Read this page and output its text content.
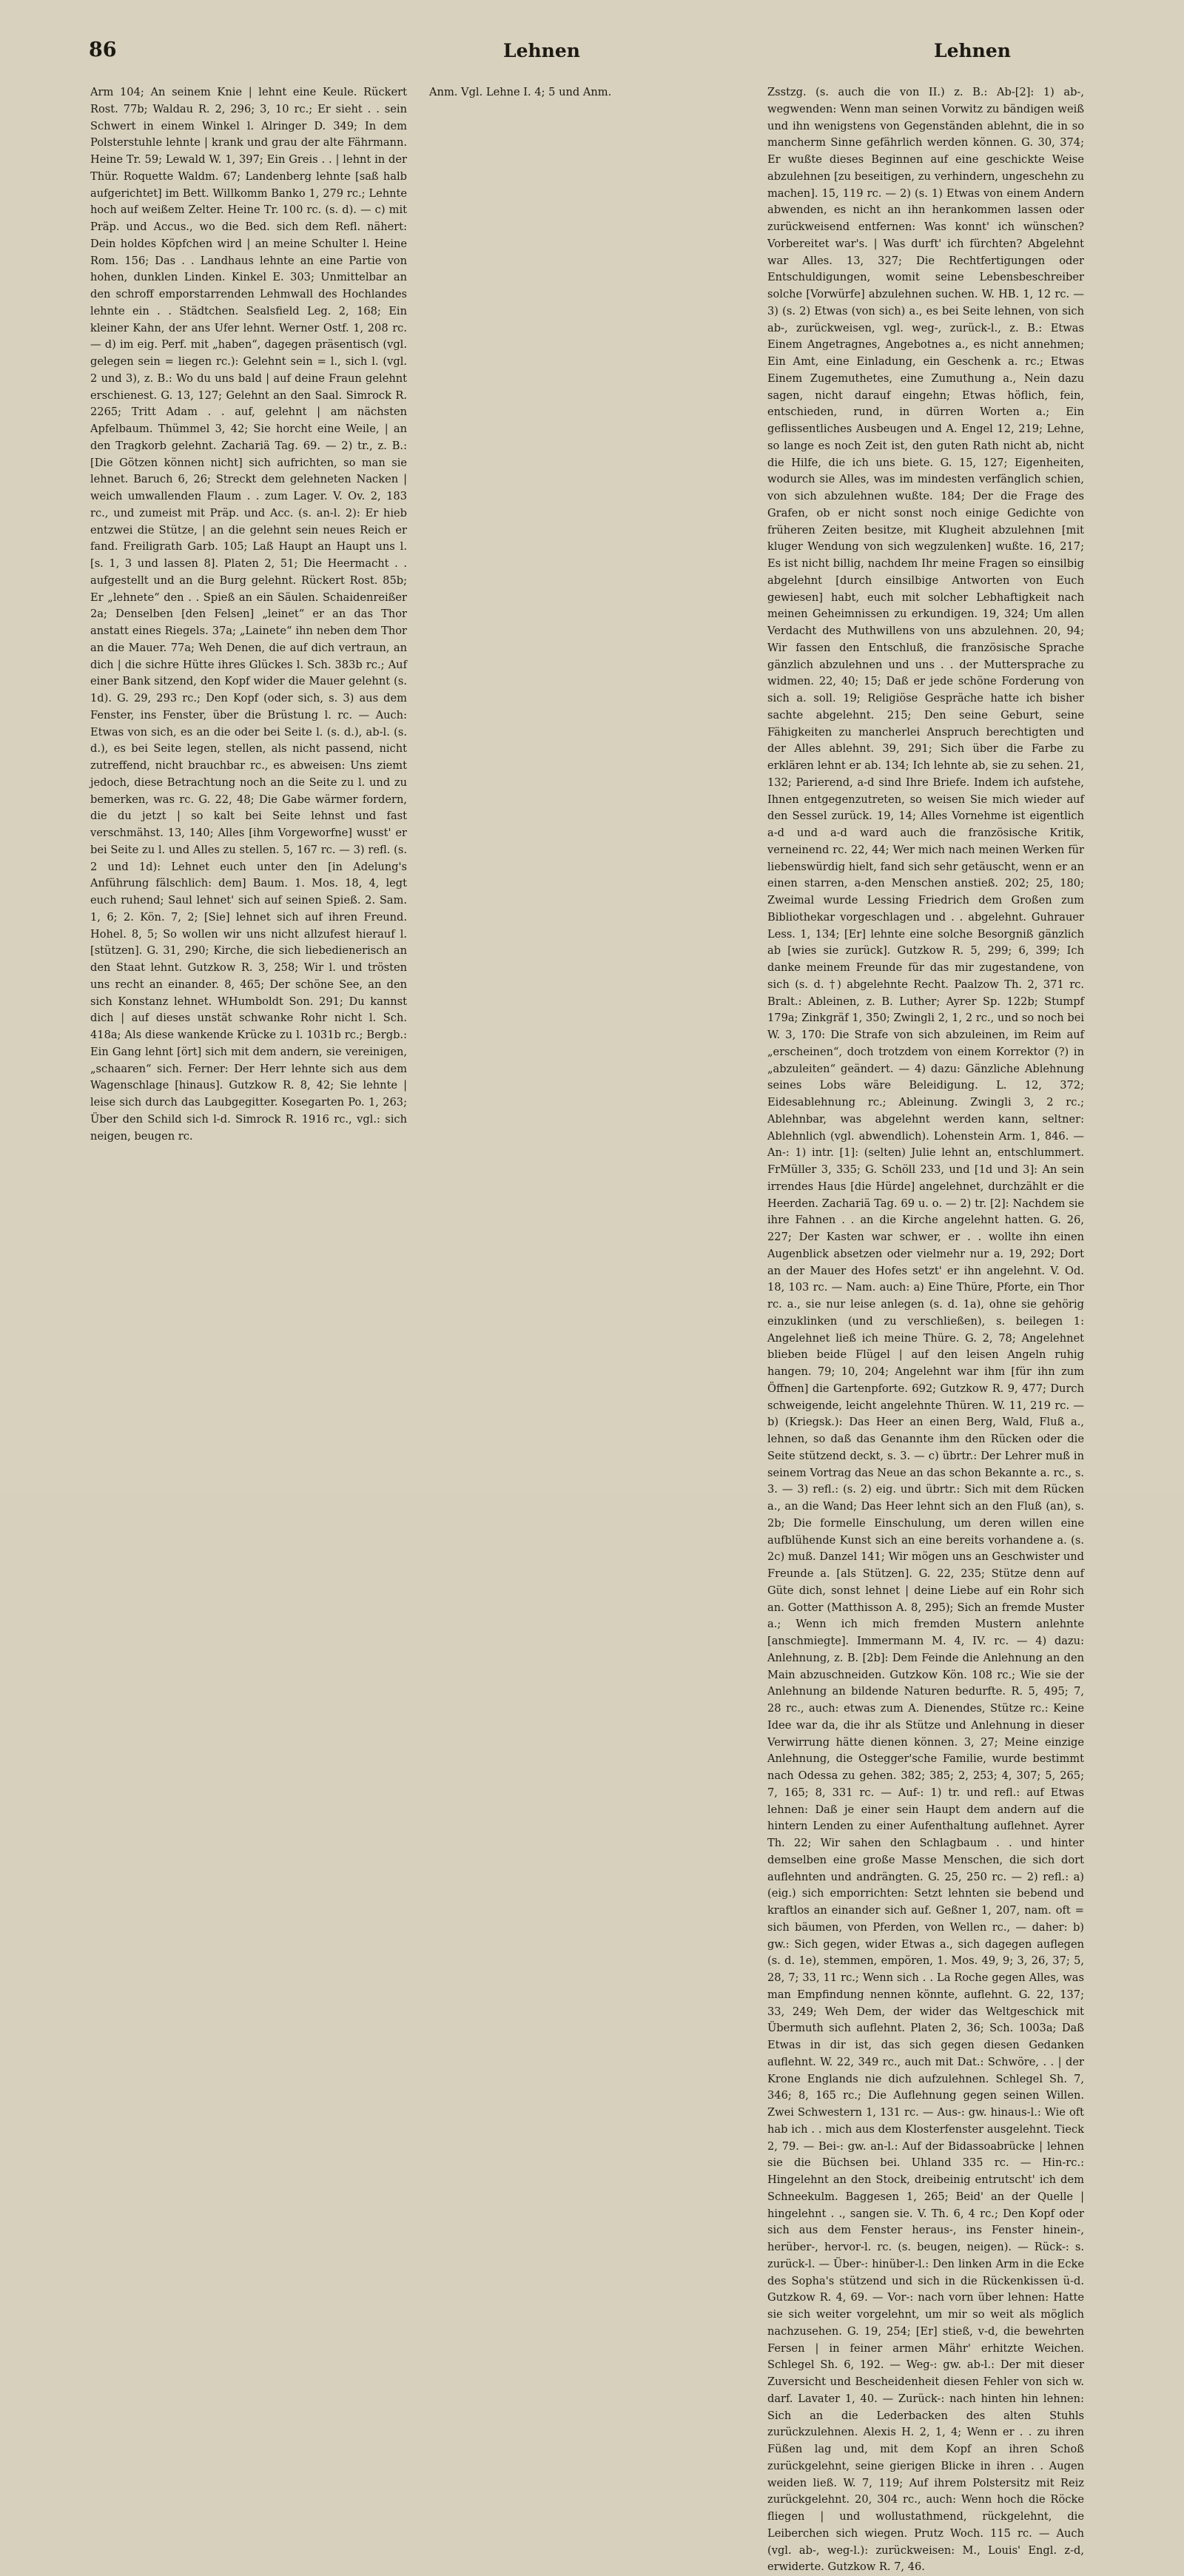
86	Lehnen	Lehnen

Arm 104; An seinem Knie | lehnt eine Keule. Rückert Rost. 77b; Waldau R. 2, 296; 3, 10 rc.; Er sieht . . sein Schwert in einem Winkel l. Alringer D. 349; In dem Polsterstuhle lehnte | krank und grau der alte Fährmann. Heine Tr. 59; Lewald W. 1, 397; Ein Greis . . | lehnt in der Thür. Roquette Waldm. 67; Landenberg lehnte [saß halb aufgerichtet] im Bett. Willkomm Banko 1, 279 rc.; Lehnte hoch auf weißem Zelter. Heine Tr. 100 rc. (s. d). — c) mit Präp. und Accus., wo die Bed. sich dem Refl. nähert: Dein holdes Köpfchen wird | an meine Schulter l. Heine Rom. 156; Das . . Landhaus lehnte an eine Partie von hohen, dunklen Linden. Kinkel E. 303; Unmittelbar an den schroff emporstarrenden Lehmwall des Hochlandes lehnte ein . . Städtchen. Sealsfield Leg. 2, 168; Ein kleiner Kahn, der ans Ufer lehnt. Werner Ostf. 1, 208 rc. — d) im eig. Perf. mit „haben“, dagegen präsentisch (vgl. gelegen sein = liegen rc.): Gelehnt sein = l., sich l. (vgl. 2 und 3), z. B.: Wo du uns bald | auf deine Fraun gelehnt erschienest. G. 13, 127; Gelehnt an den Saal. Simrock R. 2265; Tritt Adam . . auf, gelehnt | am nächsten Apfelbaum. Thümmel 3, 42; Sie horcht eine Weile, | an den Tragkorb gelehnt. Zachariä Tag. 69. — 2) tr., z. B.: [Die Götzen können nicht] sich aufrichten, so man sie lehnet. Baruch 6, 26; Streckt dem gelehneten Nacken | weich umwallenden Flaum . . zum Lager. V. Ov. 2, 183 rc., und zumeist mit Präp. und Acc. (s. an-l. 2): Er hieb entzwei die Stütze, | an die gelehnt sein neues Reich er fand. Freiligrath Garb. 105; Laß Haupt an Haupt uns l. [s. 1, 3 und lassen 8]. Platen 2, 51; Die Heermacht . . aufgestellt und an die Burg gelehnt. Rückert Rost. 85b; Er „lehnete“ den . . Spieß an ein Säulen. Schaidenreißer 2a; Denselben [den Felsen] „leinet“ er an das Thor anstatt eines Riegels. 37a; „Lainete“ ihn neben dem Thor an die Mauer. 77a; Weh Denen, die auf dich vertraun, an dich | die sichre Hütte ihres Glückes l. Sch. 383b rc.; Auf einer Bank sitzend, den Kopf wider die Mauer gelehnt (s. 1d). G. 29, 293 rc.; Den Kopf (oder sich, s. 3) aus dem Fenster, ins Fenster, über die Brüstung l. rc. — Auch: Etwas von sich, es an die oder bei Seite l. (s. d.), ab-l. (s. d.), es bei Seite legen, stellen, als nicht passend, nicht zutreffend, nicht brauchbar rc., es abweisen: Uns ziemt jedoch, diese Betrachtung noch an die Seite zu l. und zu bemerken, was rc. G. 22, 48; Die Gabe wärmer fordern, die du jetzt | so kalt bei Seite lehnst und fast verschmähst. 13, 140; Alles [ihm Vorgeworfne] wusst' er bei Seite zu l. und Alles zu stellen. 5, 167 rc. — 3) refl. (s. 2 und 1d): Lehnet euch unter den [in Adelung's Anführung fälschlich: dem] Baum. 1. Mos. 18, 4, legt euch ruhend; Saul lehnet' sich auf seinen Spieß. 2. Sam. 1, 6; 2. Kön. 7, 2; [Sie] lehnet sich auf ihren Freund. Hohel. 8, 5; So wollen wir uns nicht allzufest hierauf l. [stützen]. G. 31, 290; Kirche, die sich liebedienerisch an den Staat lehnt. Gutzkow R. 3, 258; Wir l. und trösten uns recht an einander. 8, 465; Der schöne See, an den sich Konstanz lehnet. WHumboldt Son. 291; Du kannst dich | auf dieses unstät schwanke Rohr nicht l. Sch. 418a; Als diese wankende Krücke zu l. 1031b rc.; Bergb.: Ein Gang lehnt [ört] sich mit dem andern, sie vereinigen, „schaaren“ sich. Ferner: Der Herr lehnte sich aus dem Wagenschlage [hinaus]. Gutzkow R. 8, 42; Sie lehnte | leise sich durch das Laubgegitter. Kosegarten Po. 1, 263; Über den Schild sich l-d. Simrock R. 1916 rc., vgl.: sich neigen, beugen rc.

Anm. Vgl. Lehne I. 4; 5 und Anm.	Zsstzg. (s. auch die von II.) z. B.: Ab-[2]: 1) ab-, wegwenden: Wenn man seinen Vorwitz zu bändigen weiß und ihn wenigstens von Gegenständen ablehnt, die in so mancherm Sinne gefährlich werden können. G. 30, 374; Er wußte dieses Beginnen auf eine geschickte Weise abzulehnen [zu beseitigen, zu verhindern, ungeschehn zu machen]. 15, 119 rc. — 2) (s. 1) Etwas von einem Andern abwenden, es nicht an ihn herankommen lassen oder zurückweisend entfernen: Was konnt' ich wünschen? Vorbereitet war's. | Was durft' ich fürchten? Abgelehnt war Alles. 13, 327; Die Rechtfertigungen oder Entschuldigungen, womit seine Lebensbeschreiber solche [Vorwürfe] abzulehnen suchen. W. HB. 1, 12 rc. — 3) (s. 2) Etwas (von sich) a., es bei Seite lehnen, von sich ab-, zurückweisen, vgl. weg-, zurück-l., z. B.: Etwas Einem Angetragnes, Angebotnes a., es nicht annehmen; Ein Amt, eine Einladung, ein Geschenk a. rc.; Etwas Einem Zugemuthetes, eine Zumuthung a., Nein dazu sagen, nicht darauf eingehn; Etwas höflich, fein, entschieden, rund, in dürren Worten a.; Ein geflissentliches Ausbeugen und A. Engel 12, 219; Lehne, so lange es noch Zeit ist, den guten Rath nicht ab, nicht die Hilfe, die ich uns biete. G. 15, 127; Eigenheiten, wodurch sie Alles, was im mindesten verfänglich schien, von sich abzulehnen wußte. 184; Der die Frage des Grafen, ob er nicht sonst noch einige Gedichte von früheren Zeiten besitze, mit Klugheit abzulehnen [mit kluger Wendung von sich wegzulenken] wußte. 16, 217; Es ist nicht billig, nachdem Ihr meine Fragen so einsilbig abgelehnt [durch einsilbige Antworten von Euch gewiesen] habt, euch mit solcher Lebhaftigkeit nach meinen Geheimnissen zu erkundigen. 19, 324; Um allen Verdacht des Muthwillens von uns abzulehnen. 20, 94; Wir fassen den Entschluß, die französische Sprache gänzlich abzulehnen und uns . . der Muttersprache zu widmen. 22, 40; 15; Daß er jede schöne Forderung von sich a. soll. 19; Religiöse Gespräche hatte ich bisher sachte abgelehnt. 215; Den seine Geburt, seine Fähigkeiten zu mancherlei Anspruch berechtigten und der Alles ablehnt. 39, 291; Sich über die Farbe zu erklären lehnt er ab. 134; Ich lehnte ab, sie zu sehen. 21, 132; Parierend, a-d sind Ihre Briefe. Indem ich aufstehe, Ihnen entgegenzutreten, so weisen Sie mich wieder auf den Sessel zurück. 19, 14; Alles Vornehme ist eigentlich a-d und a-d ward auch die französische Kritik, verneinend rc. 22, 44; Wer mich nach meinen Werken für liebenswürdig hielt, fand sich sehr getäuscht, wenn er an einen starren, a-den Menschen anstieß. 202; 25, 180; Zweimal wurde Lessing Friedrich dem Großen zum Bibliothekar vorgeschlagen und . . abgelehnt. Guhrauer Less. 1, 134; [Er] lehnte eine solche Besorgniß gänzlich ab [wies sie zurück]. Gutzkow R. 5, 299; 6, 399; Ich danke meinem Freunde für das mir zugestandene, von sich (s. d. †) abgelehnte Recht. Paalzow Th. 2, 371 rc. Bralt.: Ableinen, z. B. Luther; Ayrer Sp. 122b; Stumpf 179a; Zinkgräf 1, 350; Zwingli 2, 1, 2 rc., und so noch bei W. 3, 170: Die Strafe von sich abzuleinen, im Reim auf „erscheinen“, doch trotzdem von einem Korrektor (?) in „abzuleiten“ geändert. — 4) dazu: Gänzliche Ablehnung seines Lobs wäre Beleidigung. L. 12, 372; Eidesablehnung rc.; Ableinung. Zwingli 3, 2 rc.; Ablehnbar, was abgelehnt werden kann, seltner: Ablehnlich (vgl. abwendlich). Lohenstein Arm. 1, 846. — An-: 1) intr. [1]: (selten) Julie lehnt an, entschlummert. FrMüller 3, 335; G. Schöll 233, und [1d und 3]: An sein irrendes Haus [die Hürde] angelehnet, durchzählt er die Heerden. Zachariä Tag. 69 u. o. — 2) tr. [2]: Nachdem sie ihre Fahnen . . an die Kirche angelehnt hatten. G. 26, 227; Der Kasten war schwer, er . . wollte ihn einen Augenblick absetzen oder vielmehr nur a. 19, 292; Dort an der Mauer des Hofes setzt' er ihn angelehnt. V. Od. 18, 103 rc. — Nam. auch: a) Eine Thüre, Pforte, ein Thor rc. a., sie nur leise anlegen (s. d. 1a), ohne sie gehörig einzuklinken (und zu verschließen), s. beilegen 1: Angelehnet ließ ich meine Thüre. G. 2, 78; Angelehnet blieben beide Flügel | auf den leisen Angeln ruhig hangen. 79; 10, 204; Angelehnt war ihm [für ihn zum Öffnen] die Gartenpforte. 692; Gutzkow R. 9, 477; Durch schweigende, leicht angelehnte Thüren. W. 11, 219 rc. — b) (Kriegsk.): Das Heer an einen Berg, Wald, Fluß a., lehnen, so daß das Genannte ihm den Rücken oder die Seite stützend deckt, s. 3. — c) übrtr.: Der Lehrer muß in seinem Vortrag das Neue an das schon Bekannte a. rc., s. 3. — 3) refl.: (s. 2) eig. und übrtr.: Sich mit dem Rücken a., an die Wand; Das Heer lehnt sich an den Fluß (an), s. 2b; Die formelle Einschulung, um deren willen eine aufblühende Kunst sich an eine bereits vorhandene a. (s. 2c) muß. Danzel 141; Wir mögen uns an Geschwister und Freunde a. [als Stützen]. G. 22, 235; Stütze denn auf Güte dich, sonst lehnet | deine Liebe auf ein Rohr sich an. Gotter (Matthisson A. 8, 295); Sich an fremde Muster a.; Wenn ich mich fremden Mustern anlehnte [anschmiegte]. Immermann M. 4, IV. rc. — 4) dazu: Anlehnung, z. B. [2b]: Dem Feinde die Anlehnung an den Main abzuschneiden. Gutzkow Kön. 108 rc.; Wie sie der Anlehnung an bildende Naturen bedurfte. R. 5, 495; 7, 28 rc., auch: etwas zum A. Dienendes, Stütze rc.: Keine Idee war da, die ihr als Stütze und Anlehnung in dieser Verwirrung hätte dienen können. 3, 27; Meine einzige Anlehnung, die Ostegger'sche Familie, wurde bestimmt nach Odessa zu gehen. 382; 385; 2, 253; 4, 307; 5, 265; 7, 165; 8, 331 rc. — Auf-: 1) tr. und refl.: auf Etwas lehnen: Daß je einer sein Haupt dem andern auf die hintern Lenden zu einer Aufenthaltung auflehnet. Ayrer Th. 22; Wir sahen den Schlagbaum . . und hinter demselben eine große Masse Menschen, die sich dort auflehnten und andrängten. G. 25, 250 rc. — 2) refl.: a) (eig.) sich emporrichten: Setzt lehnten sie bebend und kraftlos an einander sich auf. Geßner 1, 207, nam. oft = sich bäumen, von Pferden, von Wellen rc., — daher: b) gw.: Sich gegen, wider Etwas a., sich dagegen auflegen (s. d. 1e), stemmen, empören, 1. Mos. 49, 9; 3, 26, 37; 5, 28, 7; 33, 11 rc.; Wenn sich . . La Roche gegen Alles, was man Empfindung nennen könnte, auflehnt. G. 22, 137; 33, 249; Weh Dem, der wider das Weltgeschick mit Übermuth sich auflehnt. Platen 2, 36; Sch. 1003a; Daß Etwas in dir ist, das sich gegen diesen Gedanken auflehnt. W. 22, 349 rc., auch mit Dat.: Schwöre, . . | der Krone Englands nie dich aufzulehnen. Schlegel Sh. 7, 346; 8, 165 rc.; Die Auflehnung gegen seinen Willen. Zwei Schwestern 1, 131 rc. — Aus-: gw. hinaus-l.: Wie oft hab ich . . mich aus dem Klosterfenster ausgelehnt. Tieck 2, 79. — Bei-: gw. an-l.: Auf der Bidassoabrücke | lehnen sie die Büchsen bei. Uhland 335 rc. — Hin-rc.: Hingelehnt an den Stock, dreibeinig entrutscht' ich dem Schneekulm. Baggesen 1, 265; Beid' an der Quelle | hingelehnt . ., sangen sie. V. Th. 6, 4 rc.; Den Kopf oder sich aus dem Fenster heraus-, ins Fenster hinein-, herüber-, hervor-l. rc. (s. beugen, neigen). — Rück-: s. zurück-l. — Über-: hinüber-l.: Den linken Arm in die Ecke des Sopha's stützend und sich in die Rückenkissen ü-d. Gutzkow R. 4, 69. — Vor-: nach vorn über lehnen: Hatte sie sich weiter vorgelehnt, um mir so weit als möglich nachzusehen. G. 19, 254; [Er] stieß, v-d, die bewehrten Fersen | in feiner armen Mähr' erhitzte Weichen. Schlegel Sh. 6, 192. — Weg-: gw. ab-l.: Der mit dieser Zuversicht und Bescheidenheit diesen Fehler von sich w. darf. Lavater 1, 40. — Zurück-: nach hinten hin lehnen: Sich an die Lederbacken des alten Stuhls zurückzulehnen. Alexis H. 2, 1, 4; Wenn er . . zu ihren Füßen lag und, mit dem Kopf an ihren Schoß zurückgelehnt, seine gierigen Blicke in ihren . . Augen weiden ließ. W. 7, 119; Auf ihrem Polstersitz mit Reiz zurückgelehnt. 20, 304 rc., auch: Wenn hoch die Röcke fliegen | und wollustathmend, rückgelehnt, die Leiberchen sich wiegen. Prutz Woch. 115 rc. — Auch (vgl. ab-, weg-l.): zurückweisen: M., Louis' Engl. z-d, erwiderte. Gutzkow R. 7, 46.
